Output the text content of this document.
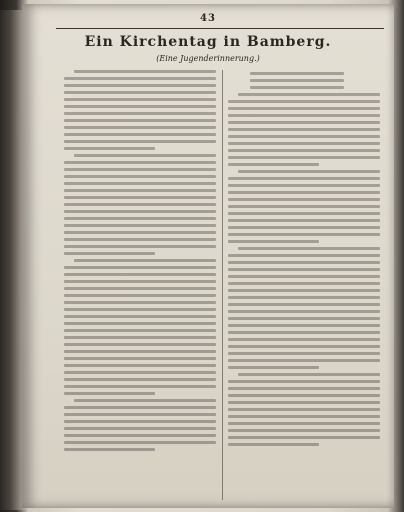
43
Ein Kirchentag in Bamberg.
(Eine Jugenderinnerung.)
